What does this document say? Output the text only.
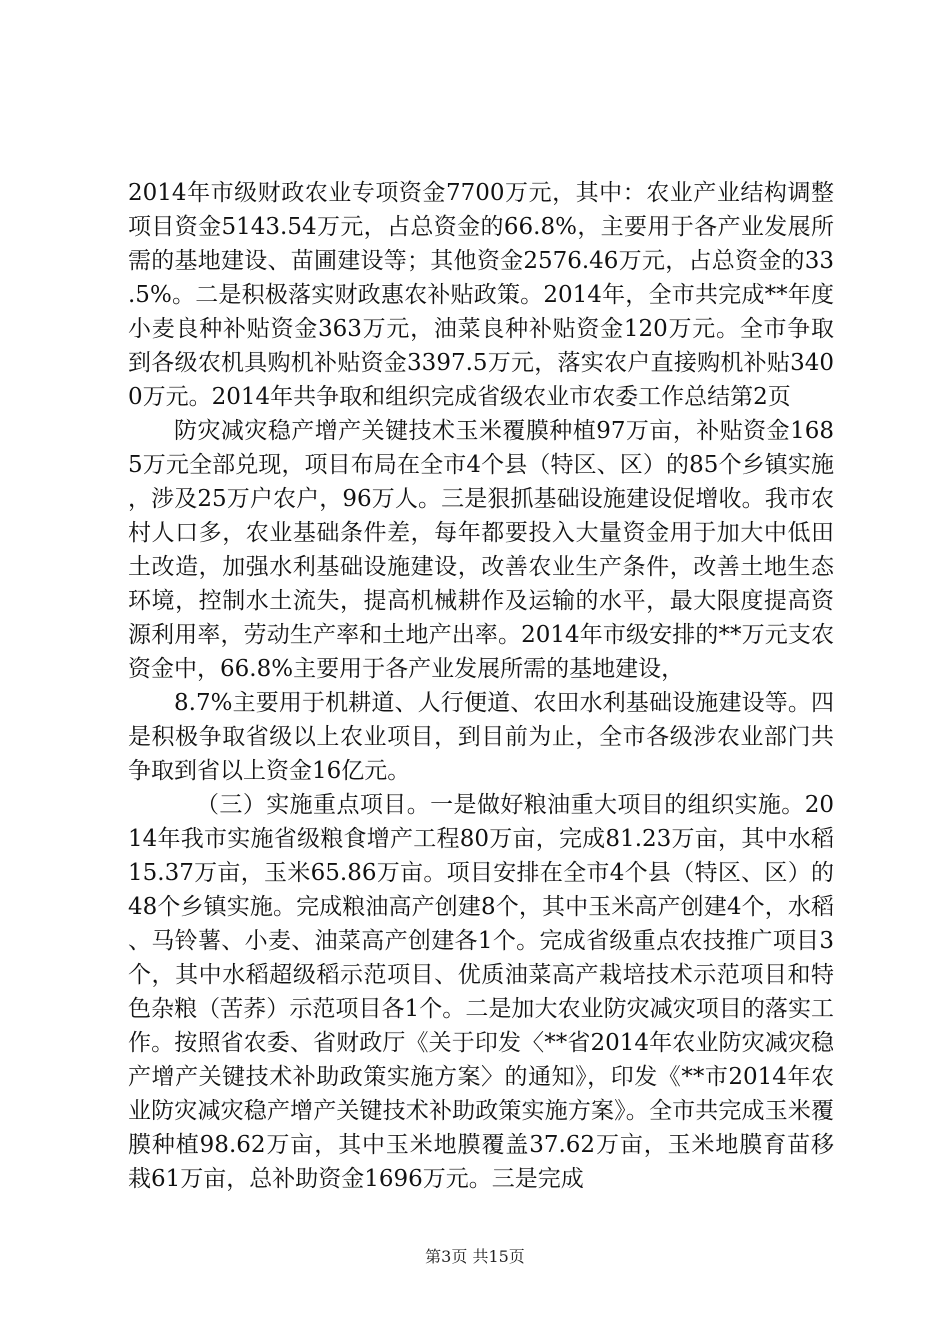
2014年市级财政农业专项资金7700万元，其中：农业产业结构调整项目资金5143.54万元，占总资金的66.8%，主要用于各产业发展所需的基地建设、苗圃建设等；其他资金2576.46万元，占总资金的33.5%。二是积极落实财政惠农补贴政策。2014年，全市共完成**年度小麦良种补贴资金363万元，油菜良种补贴资金120万元。全市争取到各级农机具购机补贴资金3397.5万元，落实农户直接购机补贴3400万元。2014年共争取和组织完成省级农业市农委工作总结第2页

防灾减灾稳产增产关键技术玉米覆膜种植97万亩，补贴资金1685万元全部兑现，项目布局在全市4个县（特区、区）的85个乡镇实施，涉及25万户农户，96万人。三是狠抓基础设施建设促增收。我市农村人口多，农业基础条件差，每年都要投入大量资金用于加大中低田土改造，加强水利基础设施建设，改善农业生产条件，改善土地生态环境，控制水土流失，提高机械耕作及运输的水平，最大限度提高资源利用率，劳动生产率和土地产出率。2014年市级安排的**万元支农资金中，66.8%主要用于各产业发展所需的基地建设，

8.7%主要用于机耕道、人行便道、农田水利基础设施建设等。四是积极争取省级以上农业项目，到目前为止，全市各级涉农业部门共争取到省以上资金16亿元。

（三）实施重点项目。一是做好粮油重大项目的组织实施。2014年我市实施省级粮食增产工程80万亩，完成81.23万亩，其中水稻15.37万亩，玉米65.86万亩。项目安排在全市4个县（特区、区）的48个乡镇实施。完成粮油高产创建8个，其中玉米高产创建4个，水稻、马铃薯、小麦、油菜高产创建各1个。完成省级重点农技推广项目3个，其中水稻超级稻示范项目、优质油菜高产栽培技术示范项目和特色杂粮（苦荞）示范项目各1个。二是加大农业防灾减灾项目的落实工作。按照省农委、省财政厅《关于印发〈**省2014年农业防灾减灾稳产增产关键技术补助政策实施方案〉的通知》，印发《**市2014年农业防灾减灾稳产增产关键技术补助政策实施方案》。全市共完成玉米覆膜种植98.62万亩，其中玉米地膜覆盖37.62万亩，玉米地膜育苗移栽61万亩，总补助资金1696万元。三是完成

第3页 共15页
